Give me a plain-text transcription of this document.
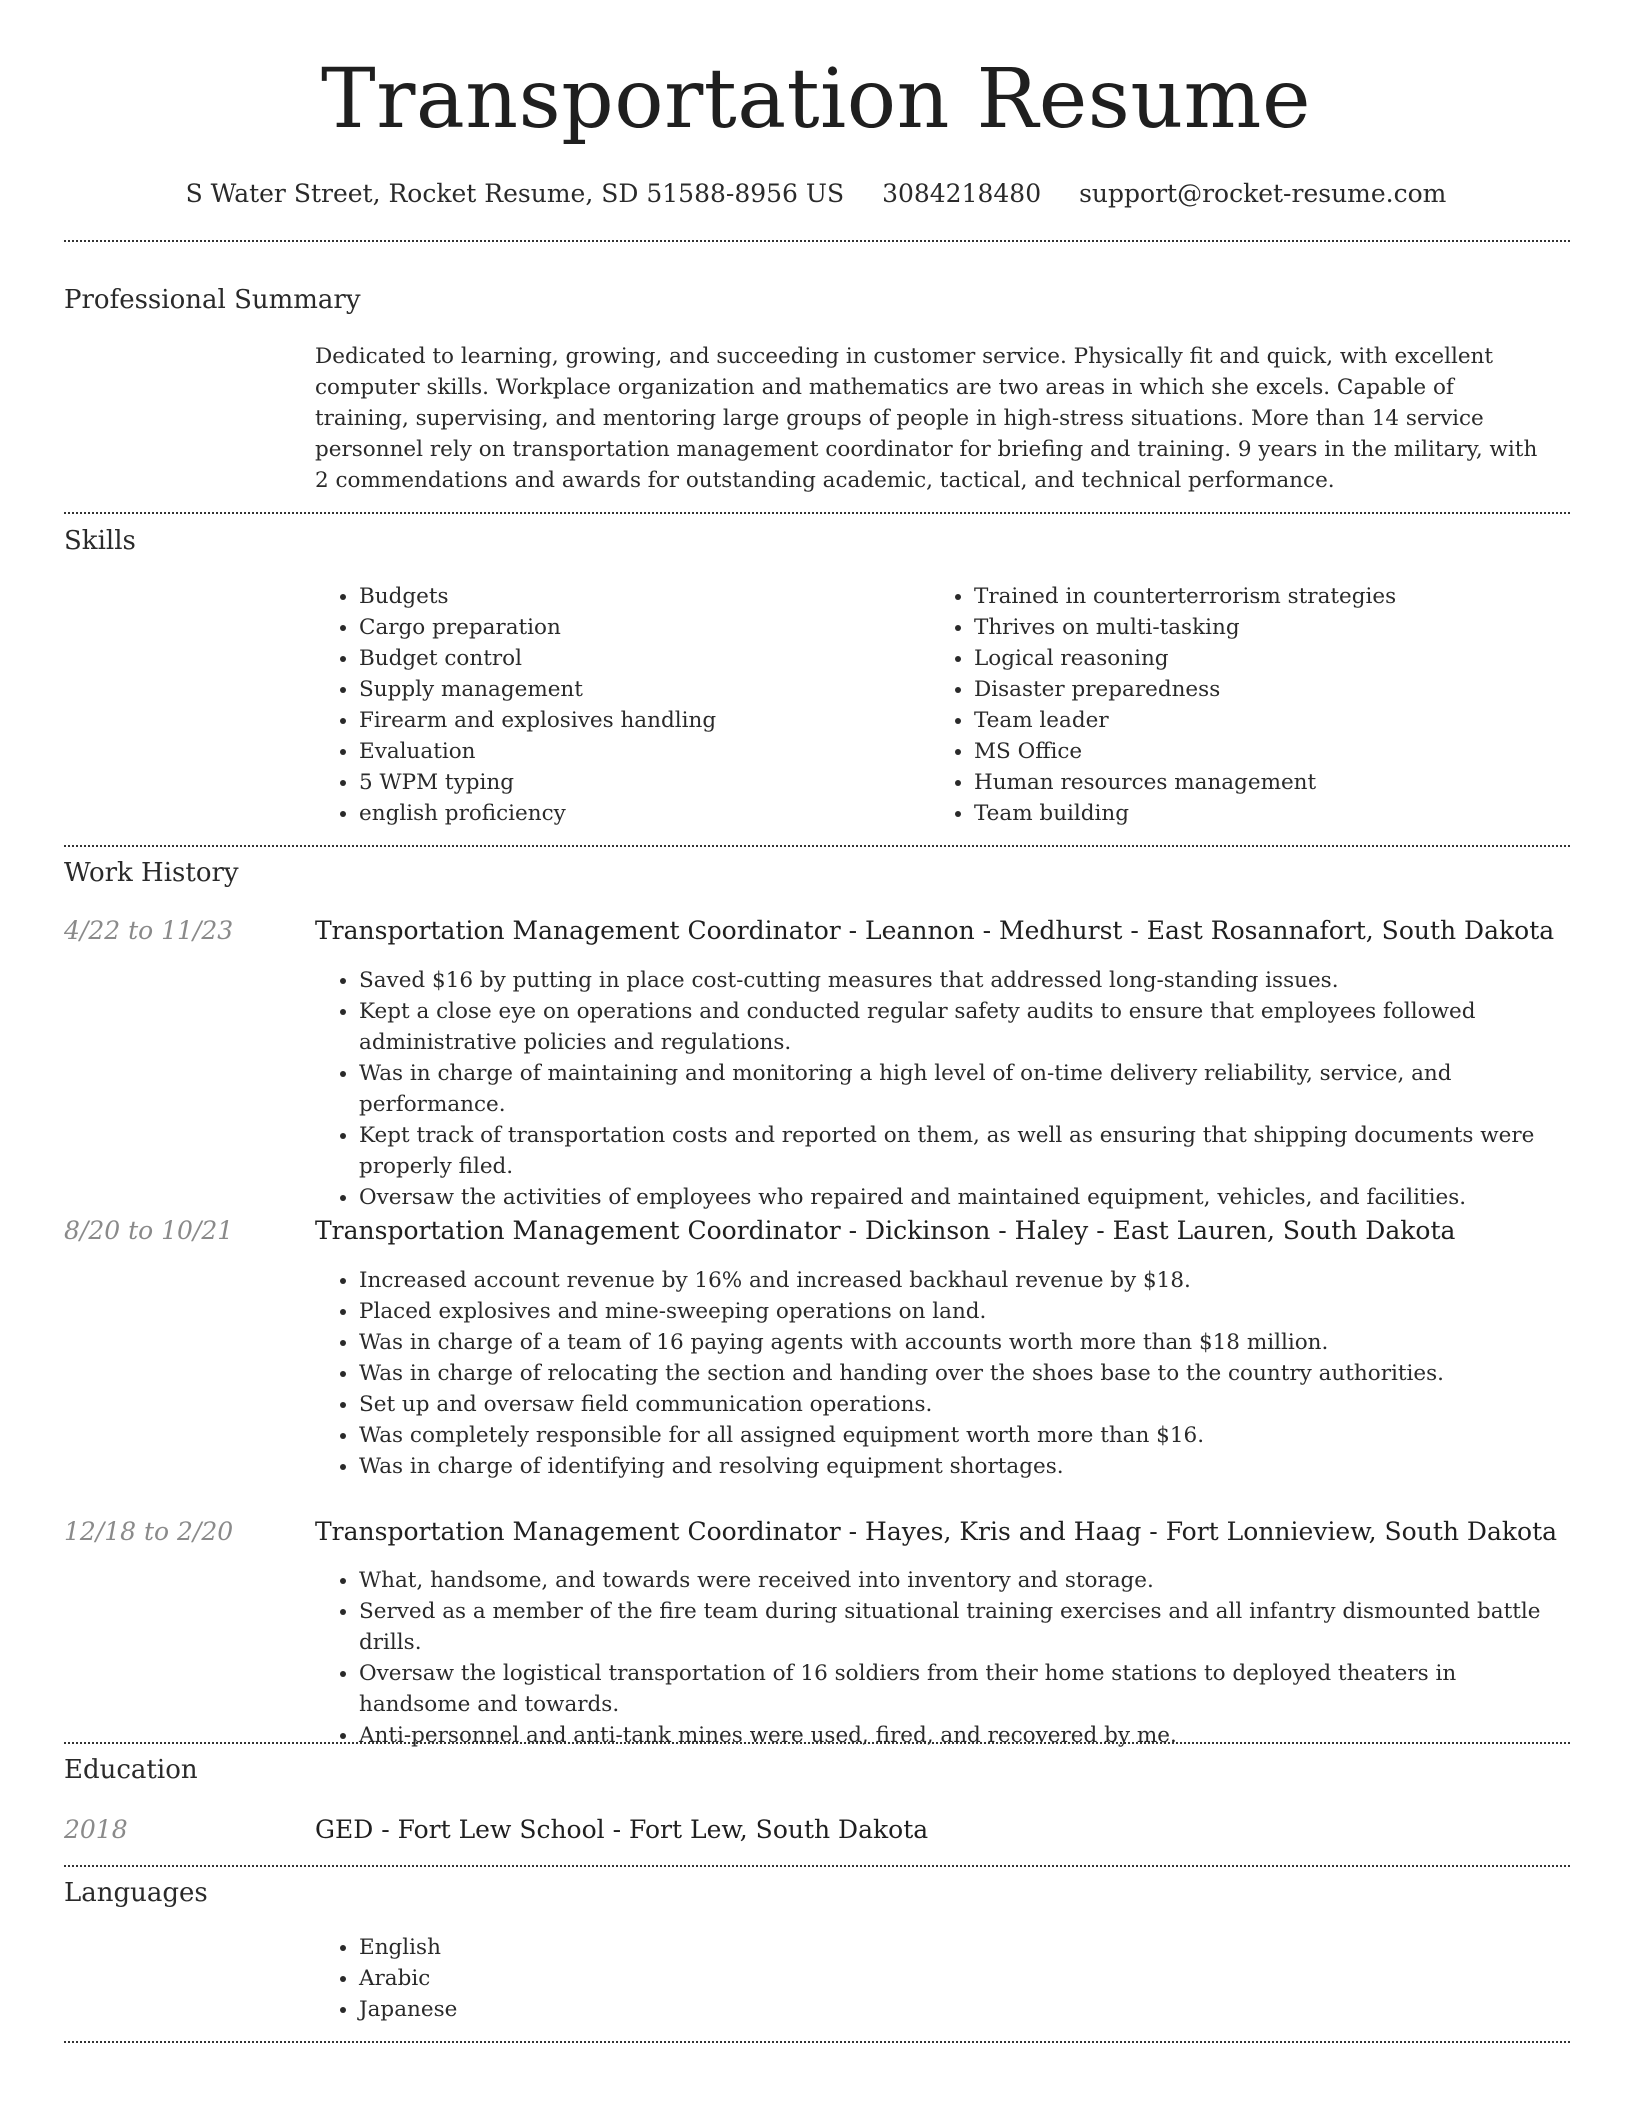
Transportation Resume
S Water Street, Rocket Resume, SD 51588-8956 US 3084218480 support@rocket-resume.com
Professional Summary

Dedicated to learning, growing, and succeeding in customer service. Physically fit and quick, with excellent computer skills. Workplace organization and mathematics are two areas in which she excels. Capable of training, supervising, and mentoring large groups of people in high-stress situations. More than 14 service personnel rely on transportation management coordinator for briefing and training. 9 years in the military, with 2 commendations and awards for outstanding academic, tactical, and technical performance.

Skills
• Budgets
• Cargo preparation
• Budget control
• Supply management
• Firearm and explosives handling
• Evaluation
• 5 WPM typing
• english proficiency
• Trained in counterterrorism strategies
• Thrives on multi-tasking
• Logical reasoning
• Disaster preparedness
• Team leader
• MS Office
• Human resources management
• Team building
Work History
4/22 to 11/23	Transportation Management Coordinator - Leannon - Medhurst - East Rosannafort, South Dakota
• Saved $16 by putting in place cost-cutting measures that addressed long-standing issues.
• Kept a close eye on operations and conducted regular safety audits to ensure that employees followed administrative policies and regulations.
• Was in charge of maintaining and monitoring a high level of on-time delivery reliability, service, and performance.
• Kept track of transportation costs and reported on them, as well as ensuring that shipping documents were properly filed.
• Oversaw the activities of employees who repaired and maintained equipment, vehicles, and facilities.
8/20 to 10/21	Transportation Management Coordinator - Dickinson - Haley - East Lauren, South Dakota
• Increased account revenue by 16% and increased backhaul revenue by $18.
• Placed explosives and mine-sweeping operations on land.
• Was in charge of a team of 16 paying agents with accounts worth more than $18 million.
• Was in charge of relocating the section and handing over the shoes base to the country authorities.
• Set up and oversaw field communication operations.
• Was completely responsible for all assigned equipment worth more than $16.
• Was in charge of identifying and resolving equipment shortages.
12/18 to 2/20	Transportation Management Coordinator - Hayes, Kris and Haag - Fort Lonnieview, South Dakota
• What, handsome, and towards were received into inventory and storage.
• Served as a member of the fire team during situational training exercises and all infantry dismounted battle drills.
• Oversaw the logistical transportation of 16 soldiers from their home stations to deployed theaters in handsome and towards.
• Anti-personnel and anti-tank mines were used, fired, and recovered by me.
Education
2018	GED - Fort Lew School - Fort Lew, South Dakota
Languages
• English
• Arabic
• Japanese
